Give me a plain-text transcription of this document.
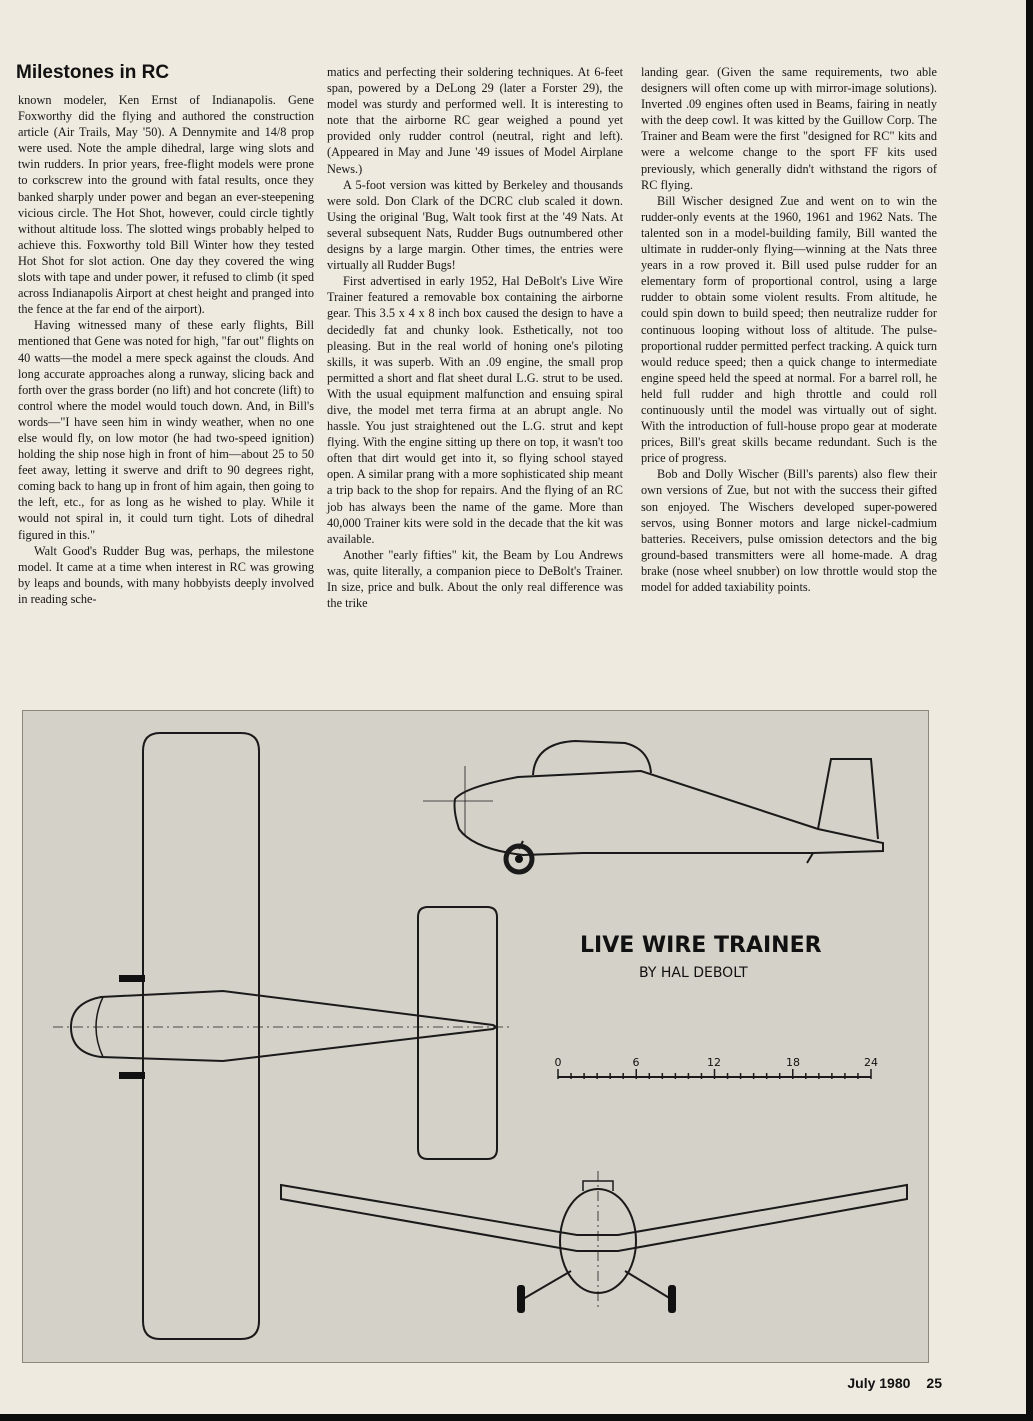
Milestones in RC

known modeler, Ken Ernst of Indianapolis. Gene Foxworthy did the flying and authored the construction article (Air Trails, May '50). A Dennymite and 14/8 prop were used. Note the ample dihedral, large wing slots and twin rudders. In prior years, free-flight models were prone to corkscrew into the ground with fatal results, once they banked sharply under power and began an ever-steepening vicious circle. The Hot Shot, however, could circle tightly without altitude loss. The slotted wings probably helped to achieve this. Foxworthy told Bill Winter how they tested Hot Shot for slot action. One day they covered the wing slots with tape and under power, it refused to climb (it sped across Indianapolis Airport at chest height and pranged into the fence at the far end of the airport).

Having witnessed many of these early flights, Bill mentioned that Gene was noted for high, "far out" flights on 40 watts—the model a mere speck against the clouds. And long accurate approaches along a runway, slicing back and forth over the grass border (no lift) and hot concrete (lift) to control where the model would touch down. And, in Bill's words—"I have seen him in windy weather, when no one else would fly, on low motor (he had two-speed ignition) holding the ship nose high in front of him—about 25 to 50 feet away, letting it swerve and drift to 90 degrees right, coming back to hang up in front of him again, then going to the left, etc., for as long as he wished to play. While it would not spiral in, it could turn tight. Lots of dihedral figured in this."

Walt Good's Rudder Bug was, perhaps, the milestone model. It came at a time when interest in RC was growing by leaps and bounds, with many hobbyists deeply involved in reading sche-

matics and perfecting their soldering techniques. At 6-feet span, powered by a DeLong 29 (later a Forster 29), the model was sturdy and performed well. It is interesting to note that the airborne RC gear weighed a pound yet provided only rudder control (neutral, right and left). (Appeared in May and June '49 issues of Model Airplane News.)

A 5-foot version was kitted by Berkeley and thousands were sold. Don Clark of the DCRC club scaled it down. Using the original 'Bug, Walt took first at the '49 Nats. At several subsequent Nats, Rudder Bugs outnumbered other designs by a large margin. Other times, the entries were virtually all Rudder Bugs!

First advertised in early 1952, Hal DeBolt's Live Wire Trainer featured a removable box containing the airborne gear. This 3.5 x 4 x 8 inch box caused the design to have a decidedly fat and chunky look. Esthetically, not too pleasing. But in the real world of honing one's piloting skills, it was superb. With an .09 engine, the small prop permitted a short and flat sheet dural L.G. strut to be used. With the usual equipment malfunction and ensuing spiral dive, the model met terra firma at an abrupt angle. No hassle. You just straightened out the L.G. strut and kept flying. With the engine sitting up there on top, it wasn't too often that dirt would get into it, so flying school stayed open. A similar prang with a more sophisticated ship meant a trip back to the shop for repairs. And the flying of an RC job has always been the name of the game. More than 40,000 Trainer kits were sold in the decade that the kit was available.

Another "early fifties" kit, the Beam by Lou Andrews was, quite literally, a companion piece to DeBolt's Trainer. In size, price and bulk. About the only real difference was the trike

landing gear. (Given the same requirements, two able designers will often come up with mirror-image solutions). Inverted .09 engines often used in Beams, fairing in neatly with the deep cowl. It was kitted by the Guillow Corp. The Trainer and Beam were the first "designed for RC" kits and were a welcome change to the sport FF kits used previously, which generally didn't withstand the rigors of RC flying.

Bill Wischer designed Zue and went on to win the rudder-only events at the 1960, 1961 and 1962 Nats. The talented son in a model-building family, Bill wanted the ultimate in rudder-only flying—winning at the Nats three years in a row proved it. Bill used pulse rudder for an elementary form of proportional control, using a large rudder to obtain some violent results. From altitude, he could spin down to build speed; then neutralize rudder for continuous looping without loss of altitude. The pulse-proportional rudder permitted perfect tracking. A quick turn would reduce speed; then a quick change to intermediate engine speed held the speed at normal. For a barrel roll, he held full rudder and high throttle and could roll continuously until the model was virtually out of sight. With the introduction of full-house propo gear at moderate prices, Bill's great skills became redundant. Such is the price of progress.

Bob and Dolly Wischer (Bill's parents) also flew their own versions of Zue, but not with the success their gifted son enjoyed. The Wischers developed super-powered servos, using Bonner motors and large nickel-cadmium batteries. Receivers, pulse omission detectors and the big ground-based transmitters were all home-made. A drag brake (nose wheel snubber) on low throttle would stop the model for added taxiability points.

LIVE WIRE TRAINER
BY HAL DEBOLT
0	6	12	18	24
July 1980 25
